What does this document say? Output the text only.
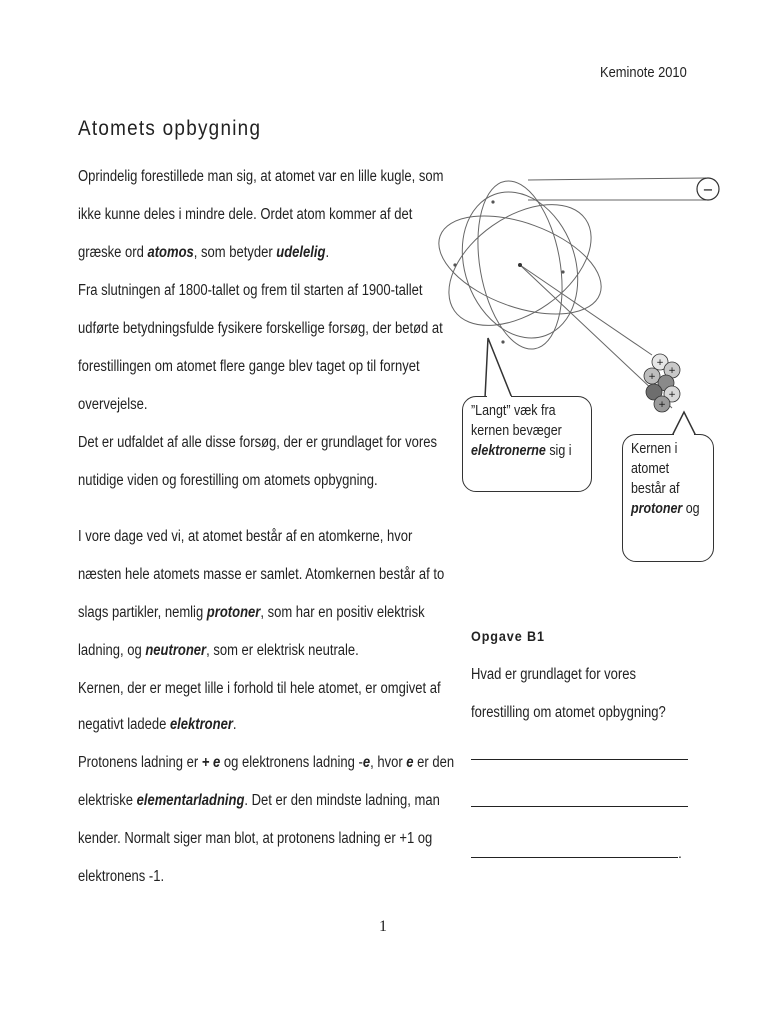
Keminote 2010
Atomets opbygning
Oprindelig forestillede man sig, at atomet var en lille kugle, som
ikke kunne deles i mindre dele. Ordet atom kommer af det
græske ord atomos, som betyder udelelig.
Fra slutningen af 1800-tallet og frem til starten af 1900-tallet
udførte betydningsfulde fysikere forskellige forsøg, der betød at
forestillingen om atomet flere gange blev taget op til fornyet
overvejelse.
Det er udfaldet af alle disse forsøg, der er grundlaget for vores
nutidige viden og forestilling om atomets opbygning.
I vore dage ved vi, at atomet består af en atomkerne, hvor
næsten hele atomets masse er samlet. Atomkernen består af to
slags partikler, nemlig protoner, som har en positiv elektrisk
ladning, og neutroner, som er elektrisk neutrale.
Kernen, der er meget lille i forhold til hele atomet, er omgivet af
negativt ladede elektroner.
Protonens ladning er + e og elektronens ladning -e, hvor e er den
elektriske elementarladning. Det er den mindste ladning, man
kender. Normalt siger man blot, at protonens ladning er +1 og
elektronens -1.
−
+
+
+
+
+
”Langt” væk fra
kernen bevæger
elektronerne sig i	Kernen i
atomet
består af
protoner og
Opgave B1
Hvad er grundlaget for vores
forestilling om atomet opbygning?
.
1
